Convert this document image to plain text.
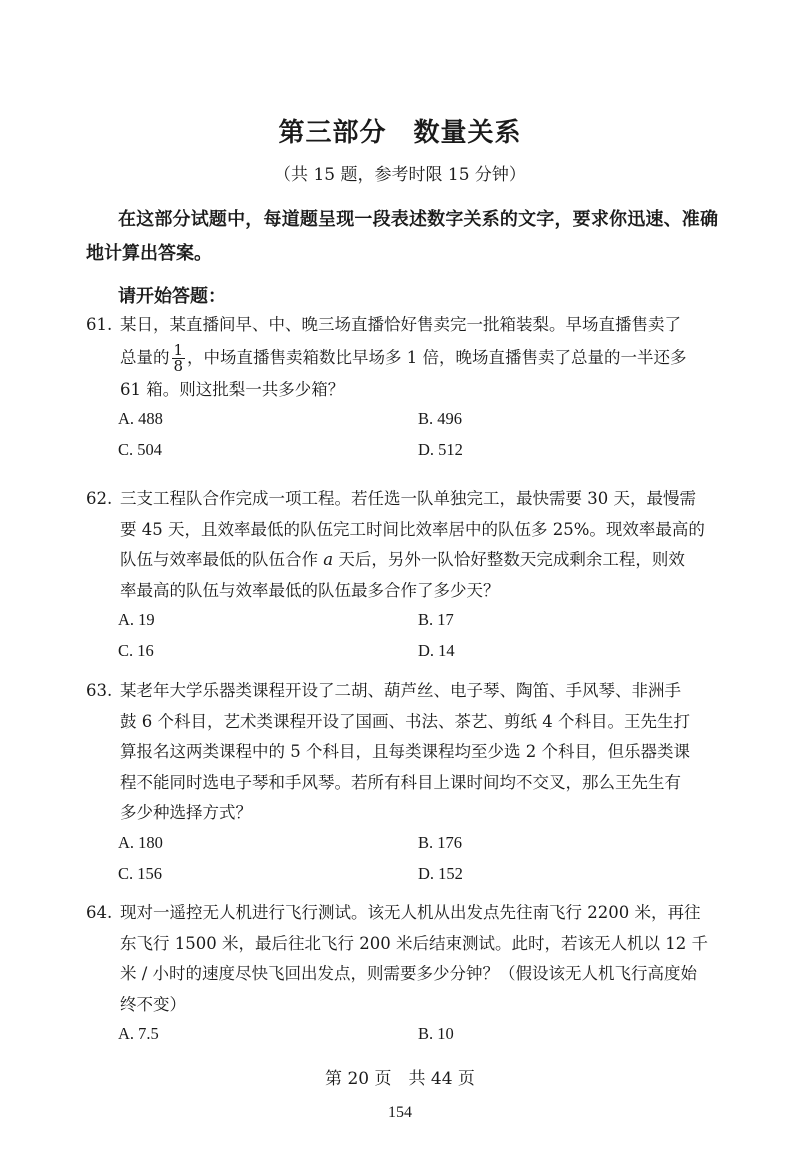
第三部分　数量关系
（共 15 题，参考时限 15 分钟）
在这部分试题中，每道题呈现一段表述数字关系的文字，要求你迅速、准确地计算出答案。
请开始答题：
61. 某日，某直播间早、中、晚三场直播恰好售卖完一批箱装梨。早场直播售卖了
总量的 $\frac{1}{8}$ ，中场直播售卖箱数比早场多 1 倍，晚场直播售卖了总量的一半还多
61 箱。则这批梨一共多少箱？
A. 488	B. 496
C. 504	D. 512
62. 三支工程队合作完成一项工程。若任选一队单独完工，最快需要 30 天，最慢需
要 45 天，且效率最低的队伍完工时间比效率居中的队伍多 25%。现效率最高的
队伍与效率最低的队伍合作 a 天后，另外一队恰好整数天完成剩余工程，则效
率最高的队伍与效率最低的队伍最多合作了多少天？
A. 19	B. 17
C. 16	D. 14
63. 某老年大学乐器类课程开设了二胡、葫芦丝、电子琴、陶笛、手风琴、非洲手
鼓 6 个科目，艺术类课程开设了国画、书法、茶艺、剪纸 4 个科目。王先生打
算报名这两类课程中的 5 个科目，且每类课程均至少选 2 个科目，但乐器类课
程不能同时选电子琴和手风琴。若所有科目上课时间均不交叉，那么王先生有
多少种选择方式？
A. 180	B. 176
C. 156	D. 152
64. 现对一遥控无人机进行飞行测试。该无人机从出发点先往南飞行 2200 米，再往
东飞行 1500 米，最后往北飞行 200 米后结束测试。此时，若该无人机以 12 千
米 / 小时的速度尽快飞回出发点，则需要多少分钟？（假设该无人机飞行高度始
终不变）
A. 7.5	B. 10
第 20 页　共 44 页
154
